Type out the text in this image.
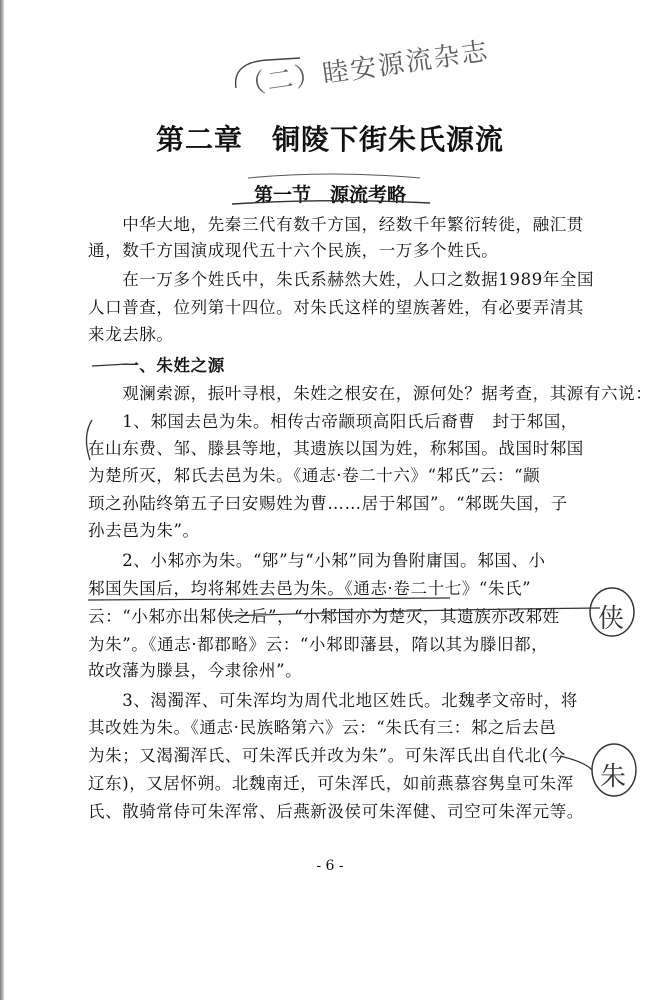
（二）睦安源流杂志
第二章　铜陵下街朱氏源流
第一节　源流考略
　　中华大地，先秦三代有数千方国，经数千年繁衍转徙，融汇贯
通，数千方国演成现代五十六个民族，一万多个姓氏。
　　在一万多个姓氏中，朱氏系赫然大姓，人口之数据1989年全国
人口普查，位列第十四位。对朱氏这样的望族著姓，有必要弄清其
来龙去脉。
　　一、朱姓之源
　　观澜索源，振叶寻根，朱姓之根安在，源何处？据考查，其源有六说：
　　1、邾国去邑为朱。相传古帝颛顼高阳氏后裔曹　封于邾国，
在山东费、邹、滕县等地，其遗族以国为姓，称邾国。战国时邾国
为楚所灭，邾氏去邑为朱。《通志·卷二十六》“邾氏”云：“颛
顼之孙陆终第五子曰安赐姓为曹……居于邾国”。“邾既失国，子
孙去邑为朱”。
　　2、小邾亦为朱。“郳”与“小邾”同为鲁附庸国。邾国、小
邾国失国后，均将邾姓去邑为朱。《通志·卷二十七》“朱氏”
云：“小邾亦出邾侠之后”，“小邾国亦为楚灭，其遗族亦改邾姓
为朱”。《通志·都郡略》云：“小邾即藩县，隋以其为滕旧都，
故改藩为滕县，今隶徐州”。
　　3、渴濁浑、可朱浑均为周代北地区姓氏。北魏孝文帝时，将
其改姓为朱。《通志·民族略第六》云：“朱氏有三：邾之后去邑
为朱；又渴濁浑氏、可朱浑氏并改为朱”。可朱浑氏出自代北(今
辽东)，又居怀朔。北魏南迁，可朱浑氏，如前燕慕容隽皇可朱浑
氏、散骑常侍可朱浑常、后燕新汲侯可朱浑健、司空可朱浑元等。
侠
朱
- 6 -
